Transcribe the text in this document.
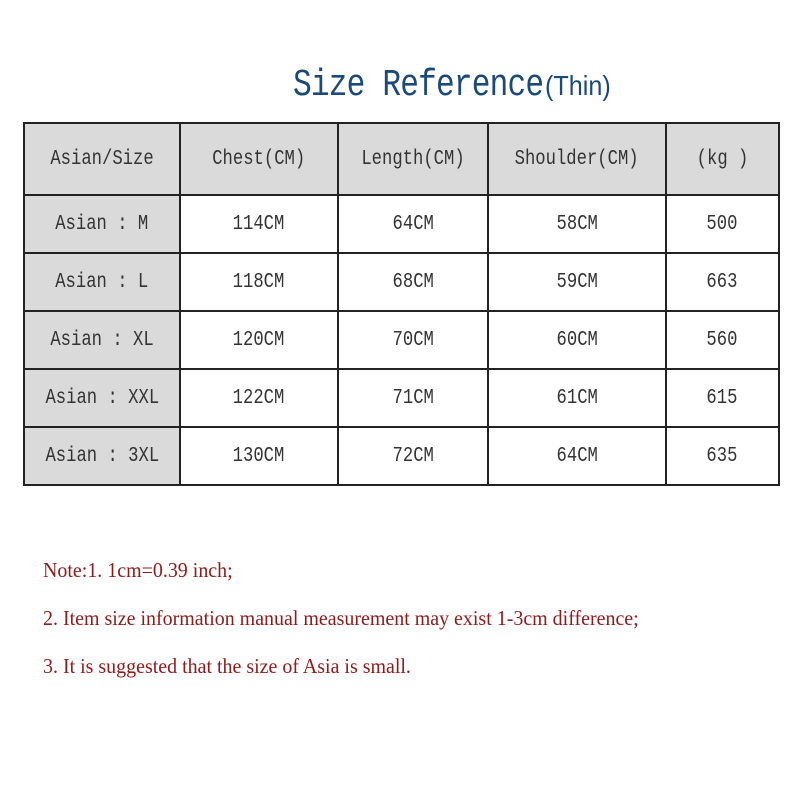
Size Reference(Thin)
Asian/Size	Chest(CM)	Length(CM)	Shoulder(CM)	(kg )
Asian : M	114CM	64CM	58CM	500
Asian : L	118CM	68CM	59CM	663
Asian : XL	120CM	70CM	60CM	560
Asian : XXL	122CM	71CM	61CM	615
Asian : 3XL	130CM	72CM	64CM	635
Note:1. 1cm=0.39 inch;
2. Item size information manual measurement may exist 1-3cm difference;
3. It is suggested that the size of Asia is small.
